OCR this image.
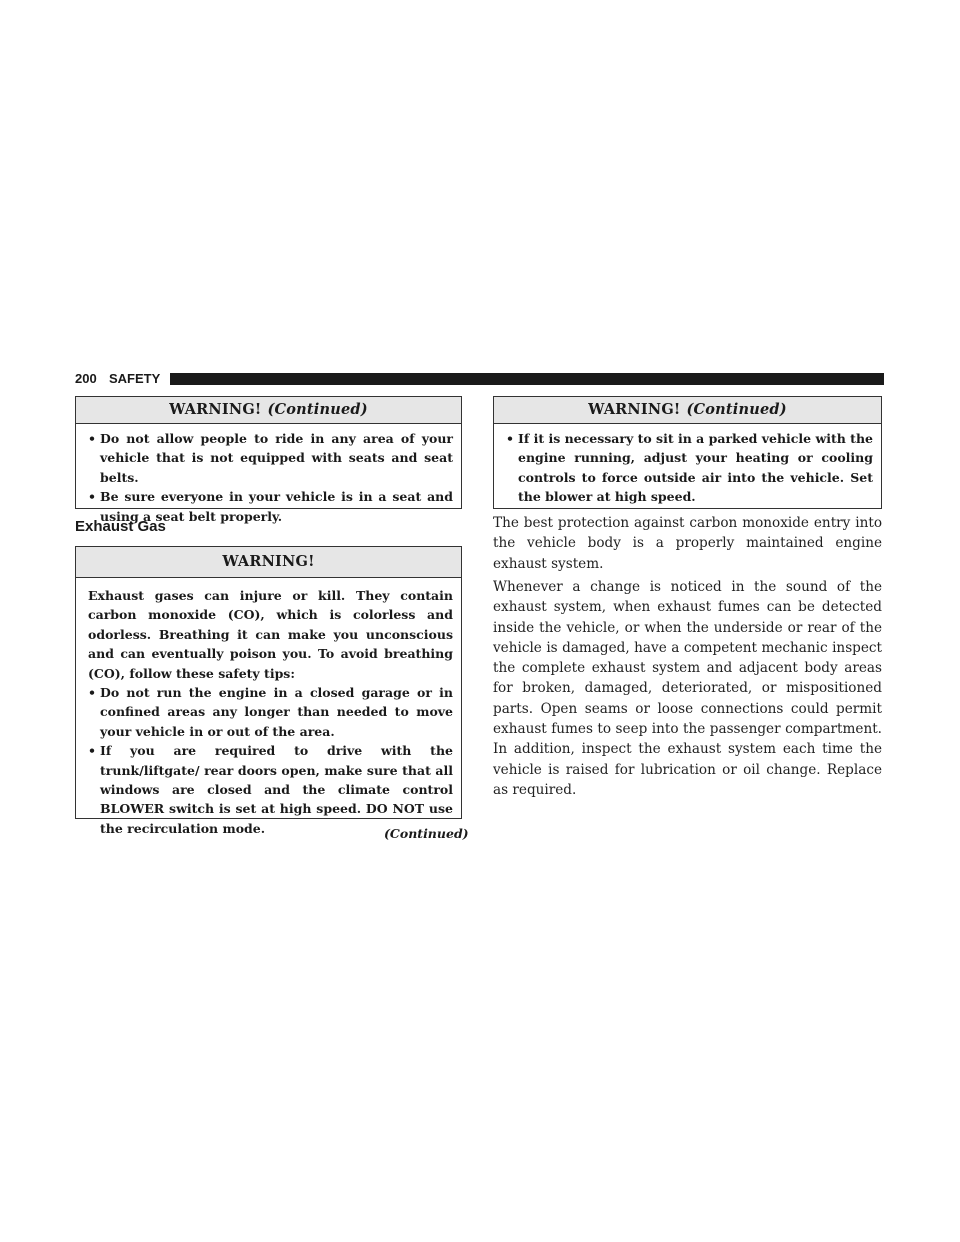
200 SAFETY
WARNING! (Continued)
• Do not allow people to ride in any area of your vehicle that is not equipped with seats and seat belts.
• Be sure everyone in your vehicle is in a seat and using a seat belt properly.
Exhaust Gas
WARNING!
Exhaust gases can injure or kill. They contain carbon monoxide (CO), which is colorless and odorless. Breathing it can make you unconscious and can eventually poison you. To avoid breathing (CO), follow these safety tips:
• Do not run the engine in a closed garage or in confined areas any longer than needed to move your vehicle in or out of the area.
• If you are required to drive with the trunk/liftgate/ rear doors open, make sure that all windows are closed and the climate control BLOWER switch is set at high speed. DO NOT use the recirculation mode.	(Continued)
WARNING! (Continued)
• If it is necessary to sit in a parked vehicle with the engine running, adjust your heating or cooling controls to force outside air into the vehicle. Set the blower at high speed.
The best protection against carbon monoxide entry into the vehicle body is a properly maintained engine exhaust system.
Whenever a change is noticed in the sound of the exhaust system, when exhaust fumes can be detected inside the vehicle, or when the underside or rear of the vehicle is damaged, have a competent mechanic inspect the complete exhaust system and adjacent body areas for broken, damaged, deteriorated, or mispositioned parts. Open seams or loose connections could permit exhaust fumes to seep into the passenger compartment. In addition, inspect the exhaust system each time the vehicle is raised for lubrication or oil change. Replace as required.
